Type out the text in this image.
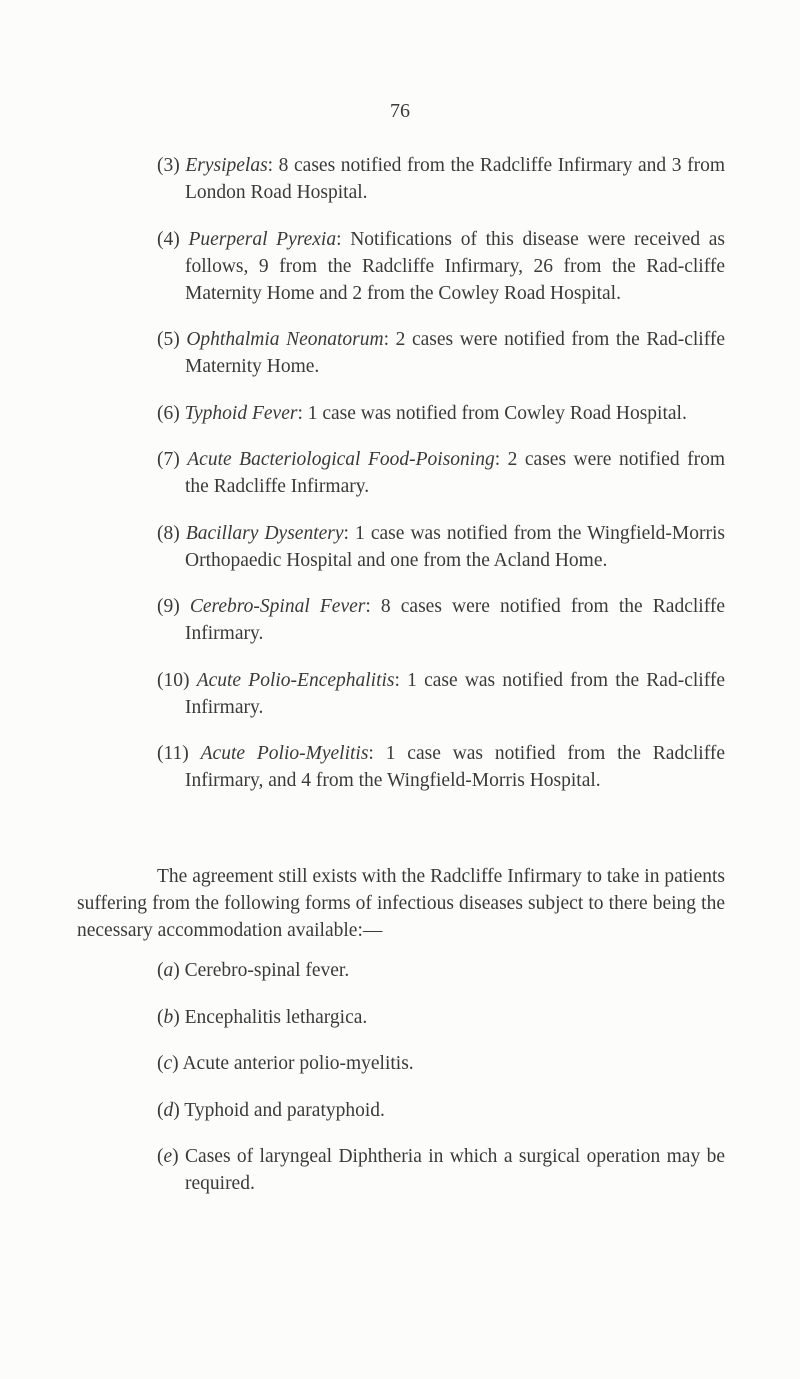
76

(3) Erysipelas: 8 cases notified from the Radcliffe Infirmary and 3 from London Road Hospital.

(4) Puerperal Pyrexia: Notifications of this disease were received as follows, 9 from the Radcliffe Infirmary, 26 from the Rad-cliffe Maternity Home and 2 from the Cowley Road Hospital.

(5) Ophthalmia Neonatorum: 2 cases were notified from the Rad-cliffe Maternity Home.

(6) Typhoid Fever: 1 case was notified from Cowley Road Hospital.

(7) Acute Bacteriological Food-Poisoning: 2 cases were notified from the Radcliffe Infirmary.

(8) Bacillary Dysentery: 1 case was notified from the Wingfield-Morris Orthopaedic Hospital and one from the Acland Home.

(9) Cerebro-Spinal Fever: 8 cases were notified from the Radcliffe Infirmary.

(10) Acute Polio-Encephalitis: 1 case was notified from the Rad-cliffe Infirmary.

(11) Acute Polio-Myelitis: 1 case was notified from the Radcliffe Infirmary, and 4 from the Wingfield-Morris Hospital.

The agreement still exists with the Radcliffe Infirmary to take in patients suffering from the following forms of infectious diseases subject to there being the necessary accommodation available:—

(a) Cerebro-spinal fever.

(b) Encephalitis lethargica.

(c) Acute anterior polio-myelitis.

(d) Typhoid and paratyphoid.

(e) Cases of laryngeal Diphtheria in which a surgical operation may be required.
